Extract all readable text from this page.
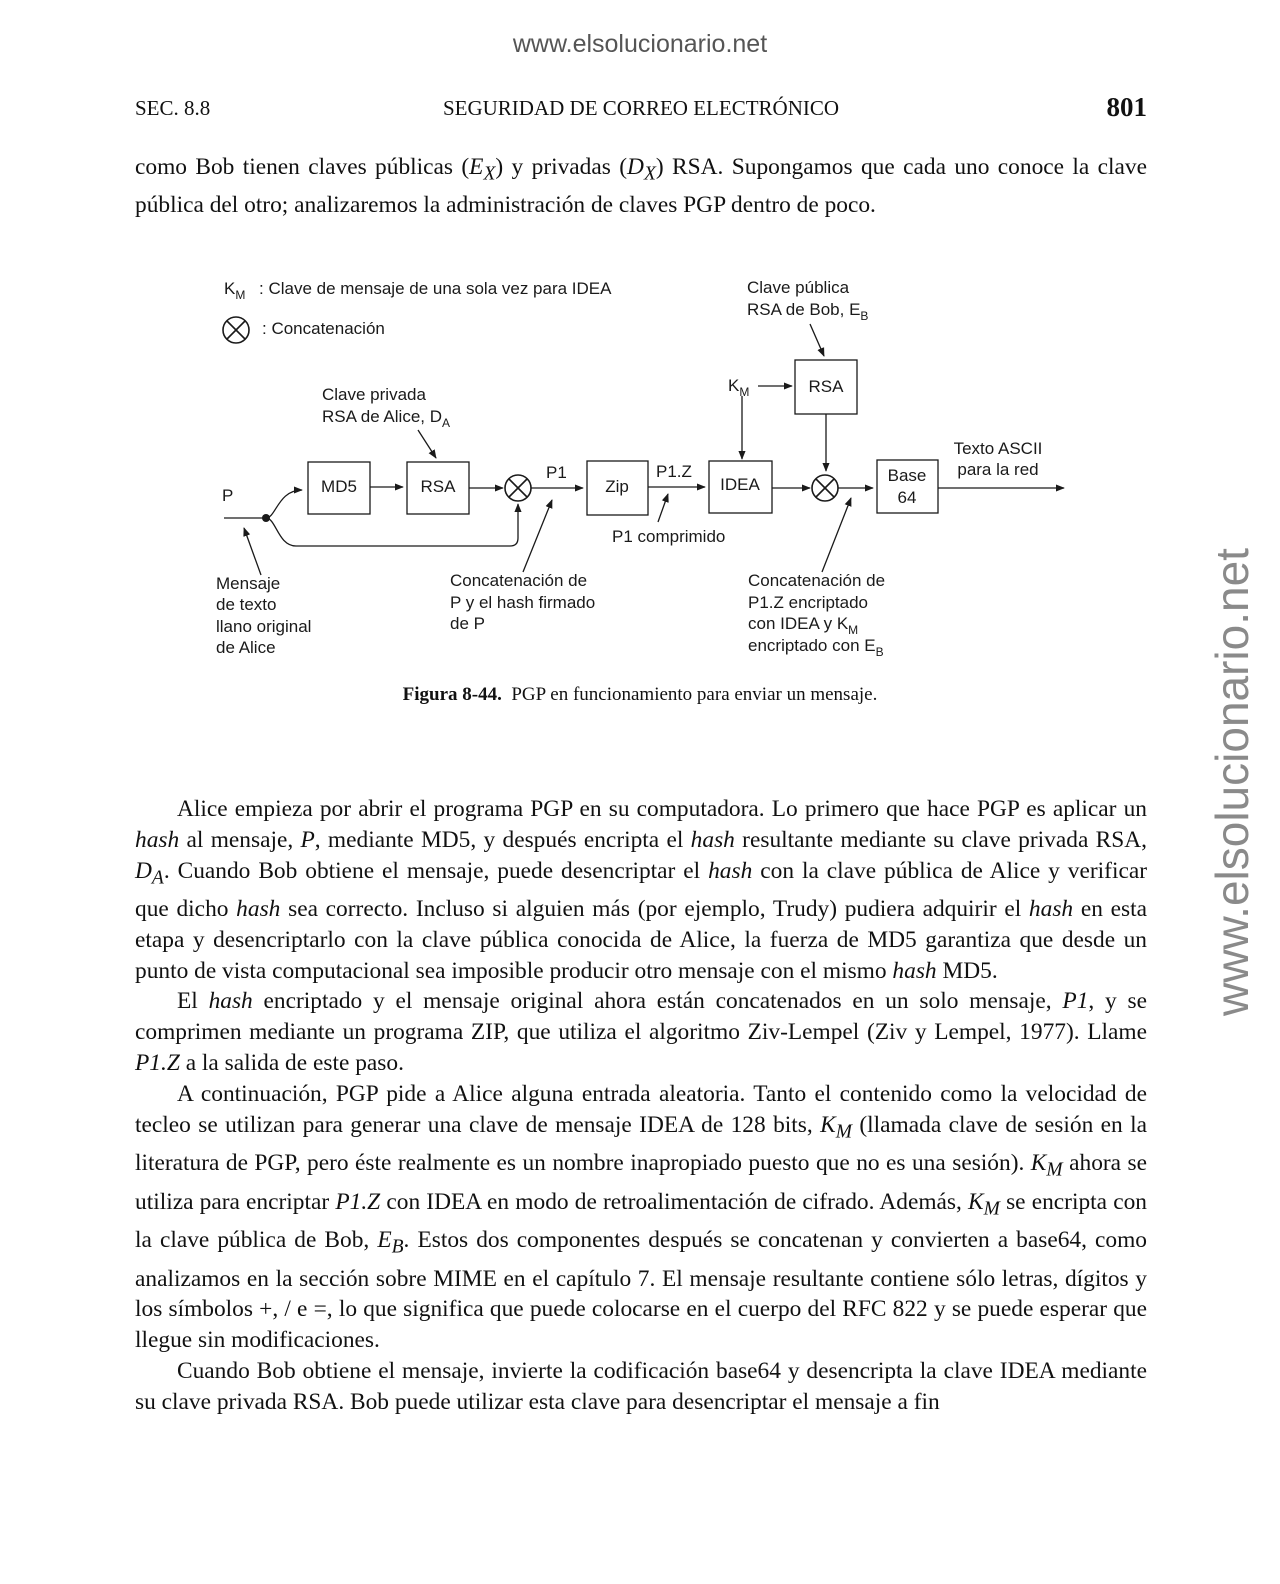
www.elsolucionario.net
www.elsolucionario.net
SEC. 8.8	SEGURIDAD DE CORREO ELECTRÓNICO	801

como Bob tienen claves públicas $(E_X)$ y privadas $(D_X)$ RSA. Supongamos que cada uno conoce la clave pública del otro; analizaremos la administración de claves PGP dentro de poco.

$K_M$ : Clave de mensaje de una sola vez para IDEA
: Concatenación
Clave pública
RSA de Bob, $E_B$
Clave privada
RSA de Alice, $D_A$
$K_M$	RSA
P	MD5	RSA
P1
Zip
P1.Z
IDEA	Base
64
Texto ASCII
para la red
P1 comprimido
Mensaje
de texto
llano original
de Alice
Concatenación de
P y el hash firmado
de P
Concatenación de
P1.Z encriptado
con IDEA y $K_M$
encriptado con $E_B$
Figura 8-44. PGP en funcionamiento para enviar un mensaje.

Alice empieza por abrir el programa PGP en su computadora. Lo primero que hace PGP es aplicar un hash al mensaje, P, mediante MD5, y después encripta el hash resultante mediante su clave privada RSA, $D_A$. Cuando Bob obtiene el mensaje, puede desencriptar el hash con la clave pública de Alice y verificar que dicho hash sea correcto. Incluso si alguien más (por ejemplo, Trudy) pudiera adquirir el hash en esta etapa y desencriptarlo con la clave pública conocida de Alice, la fuerza de MD5 garantiza que desde un punto de vista computacional sea imposible producir otro mensaje con el mismo hash MD5.

El hash encriptado y el mensaje original ahora están concatenados en un solo mensaje, P1, y se comprimen mediante un programa ZIP, que utiliza el algoritmo Ziv-Lempel (Ziv y Lempel, 1977). Llame P1.Z a la salida de este paso.

A continuación, PGP pide a Alice alguna entrada aleatoria. Tanto el contenido como la velocidad de tecleo se utilizan para generar una clave de mensaje IDEA de 128 bits, $K_M$ (llamada clave de sesión en la literatura de PGP, pero éste realmente es un nombre inapropiado puesto que no es una sesión). $K_M$ ahora se utiliza para encriptar P1.Z con IDEA en modo de retroalimentación de cifrado. Además, $K_M$ se encripta con la clave pública de Bob, $E_B$. Estos dos componentes después se concatenan y convierten a base64, como analizamos en la sección sobre MIME en el capítulo 7. El mensaje resultante contiene sólo letras, dígitos y los símbolos +, / e =, lo que significa que puede colocarse en el cuerpo del RFC 822 y se puede esperar que llegue sin modificaciones.

Cuando Bob obtiene el mensaje, invierte la codificación base64 y desencripta la clave IDEA mediante su clave privada RSA. Bob puede utilizar esta clave para desencriptar el mensaje a fin
